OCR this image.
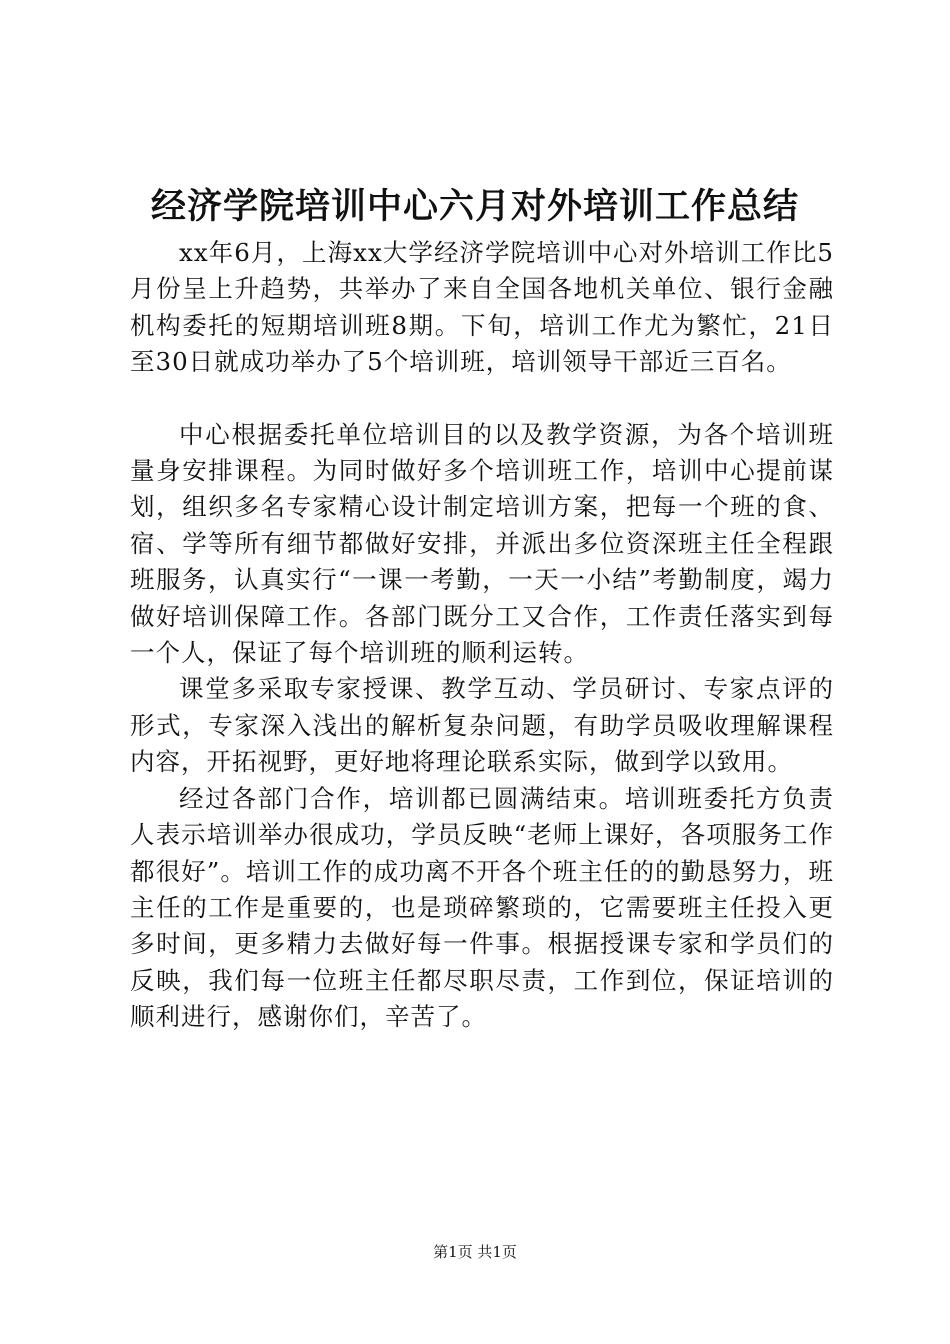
经济学院培训中心六月对外培训工作总结

xx年6月，上海xx大学经济学院培训中心对外培训工作比5月份呈上升趋势，共举办了来自全国各地机关单位、银行金融机构委托的短期培训班8期。下旬，培训工作尤为繁忙，21日至30日就成功举办了5个培训班，培训领导干部近三百名。

中心根据委托单位培训目的以及教学资源，为各个培训班量身安排课程。为同时做好多个培训班工作，培训中心提前谋划，组织多名专家精心设计制定培训方案，把每一个班的食、宿、学等所有细节都做好安排，并派出多位资深班主任全程跟班服务，认真实行“一课一考勤，一天一小结”考勤制度，竭力做好培训保障工作。各部门既分工又合作，工作责任落实到每一个人，保证了每个培训班的顺利运转。

课堂多采取专家授课、教学互动、学员研讨、专家点评的形式，专家深入浅出的解析复杂问题，有助学员吸收理解课程内容，开拓视野，更好地将理论联系实际，做到学以致用。

经过各部门合作，培训都已圆满结束。培训班委托方负责人表示培训举办很成功，学员反映“老师上课好，各项服务工作都很好”。培训工作的成功离不开各个班主任的的勤恳努力，班主任的工作是重要的，也是琐碎繁琐的，它需要班主任投入更多时间，更多精力去做好每一件事。根据授课专家和学员们的反映，我们每一位班主任都尽职尽责，工作到位，保证培训的顺利进行，感谢你们，辛苦了。

第1页 共1页
